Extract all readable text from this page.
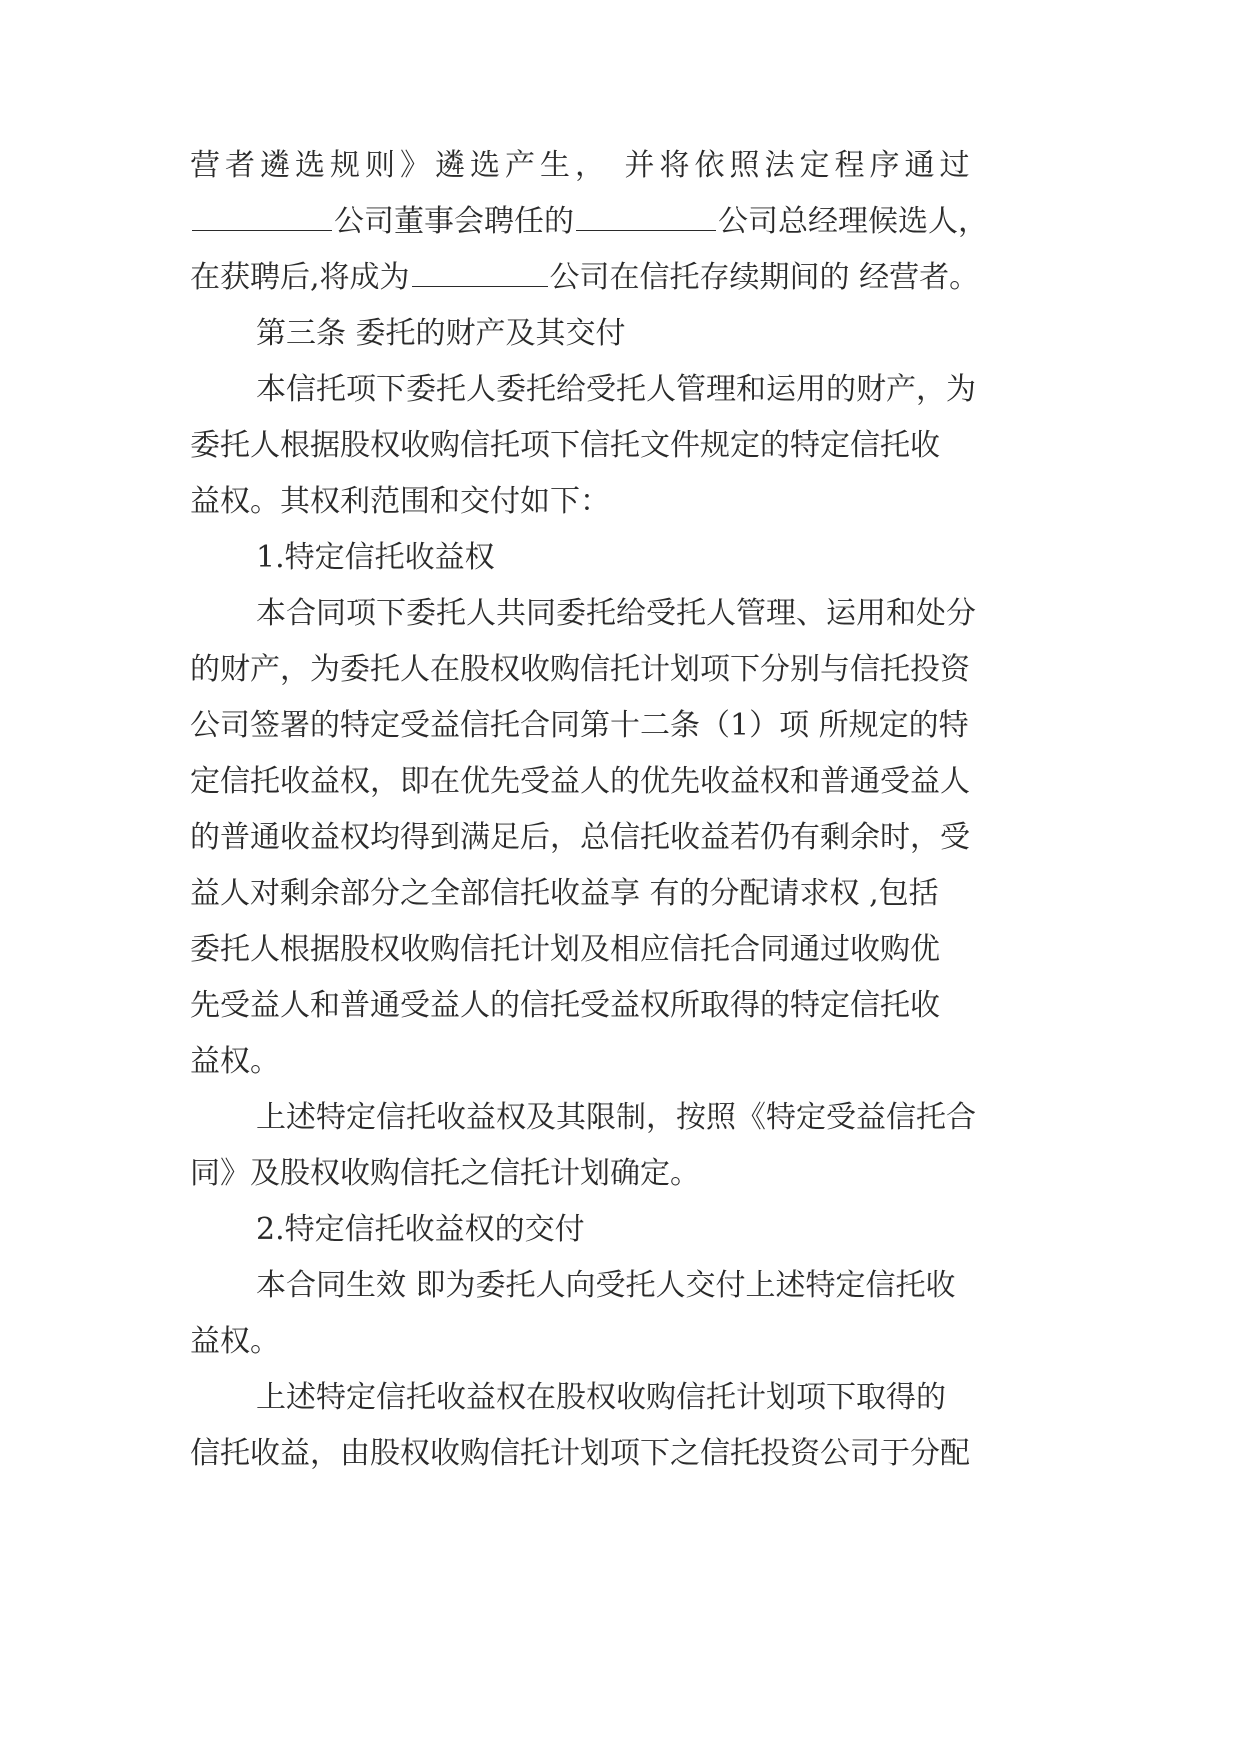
营者遴选规则》遴选产生， 并将依照法定程序通过
公司董事会聘任的	公司总经理候选人，
在获聘后,将成为	公司在信托存续期间的 经营者。
第三条 委托的财产及其交付
本信托项下委托人委托给受托人管理和运用的财产，为
委托人根据股权收购信托项下信托文件规定的特定信托收
益权。其权利范围和交付如下：
1.特定信托收益权
本合同项下委托人共同委托给受托人管理、运用和处分
的财产，为委托人在股权收购信托计划项下分别与信托投资
公司签署的特定受益信托合同第十二条（1）项 所规定的特
定信托收益权，即在优先受益人的优先收益权和普通受益人
的普通收益权均得到满足后，总信托收益若仍有剩余时，受
益人对剩余部分之全部信托收益享 有的分配请求权 ,包括
委托人根据股权收购信托计划及相应信托合同通过收购优
先受益人和普通受益人的信托受益权所取得的特定信托收
益权。
上述特定信托收益权及其限制，按照《特定受益信托合
同》及股权收购信托之信托计划确定。
2.特定信托收益权的交付
本合同生效 即为委托人向受托人交付上述特定信托收
益权。
上述特定信托收益权在股权收购信托计划项下取得的
信托收益，由股权收购信托计划项下之信托投资公司于分配
